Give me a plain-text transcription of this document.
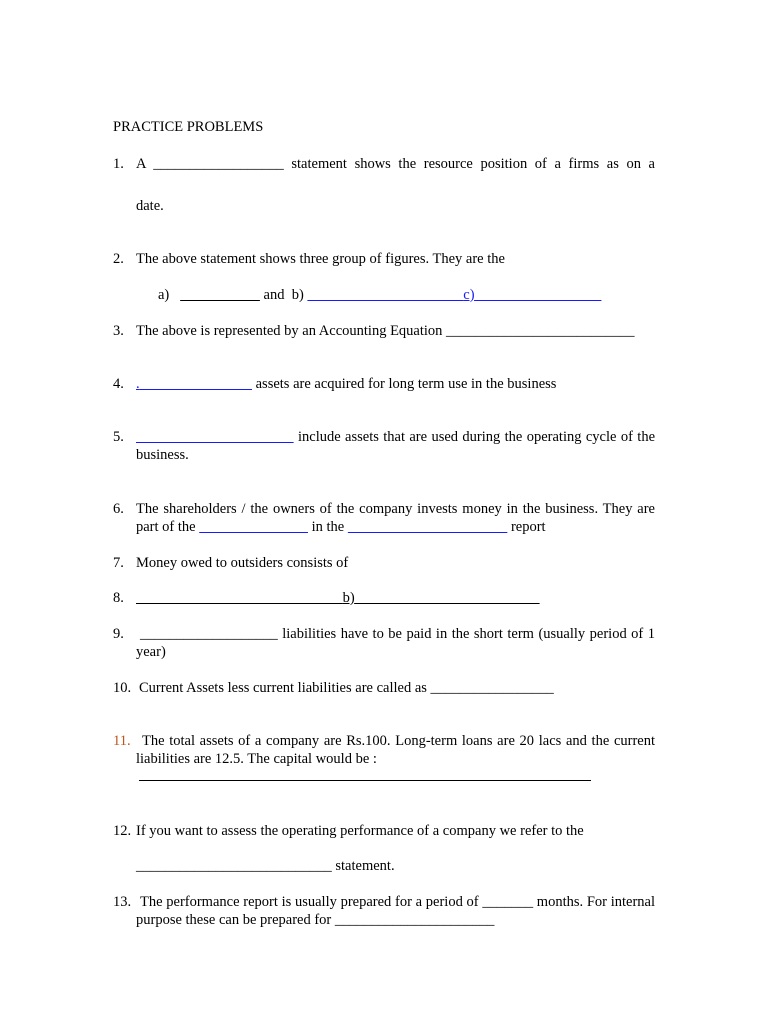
PRACTICE PROBLEMS
1. A __________________ statement shows the resource position of a firms as on a
date.
2. The above statement shows three group of figures. They are the
a)	and  b)	c)
3. The above is represented by an Accounting Equation __________________________
4. .	assets are acquired for long term use in the business
5.	include assets that are used during the operating cycle of the business.
6. The shareholders / the owners of the company invests money in the business. They are part of the	in the	report
7. Money owed to outsiders consists of
8.	b)
9. ___________________ liabilities have to be paid in the short term (usually period of 1 year)
10. Current Assets less current liabilities are called as _________________
11. The total assets of a company are Rs.100. Long-term loans are 20 lacs and the current liabilities are 12.5. The capital would be :
12. If you want to assess the operating performance of a company we refer to the
___________________________ statement.
13. The performance report is usually prepared for a period of _______ months. For internal purpose these can be prepared for ______________________
